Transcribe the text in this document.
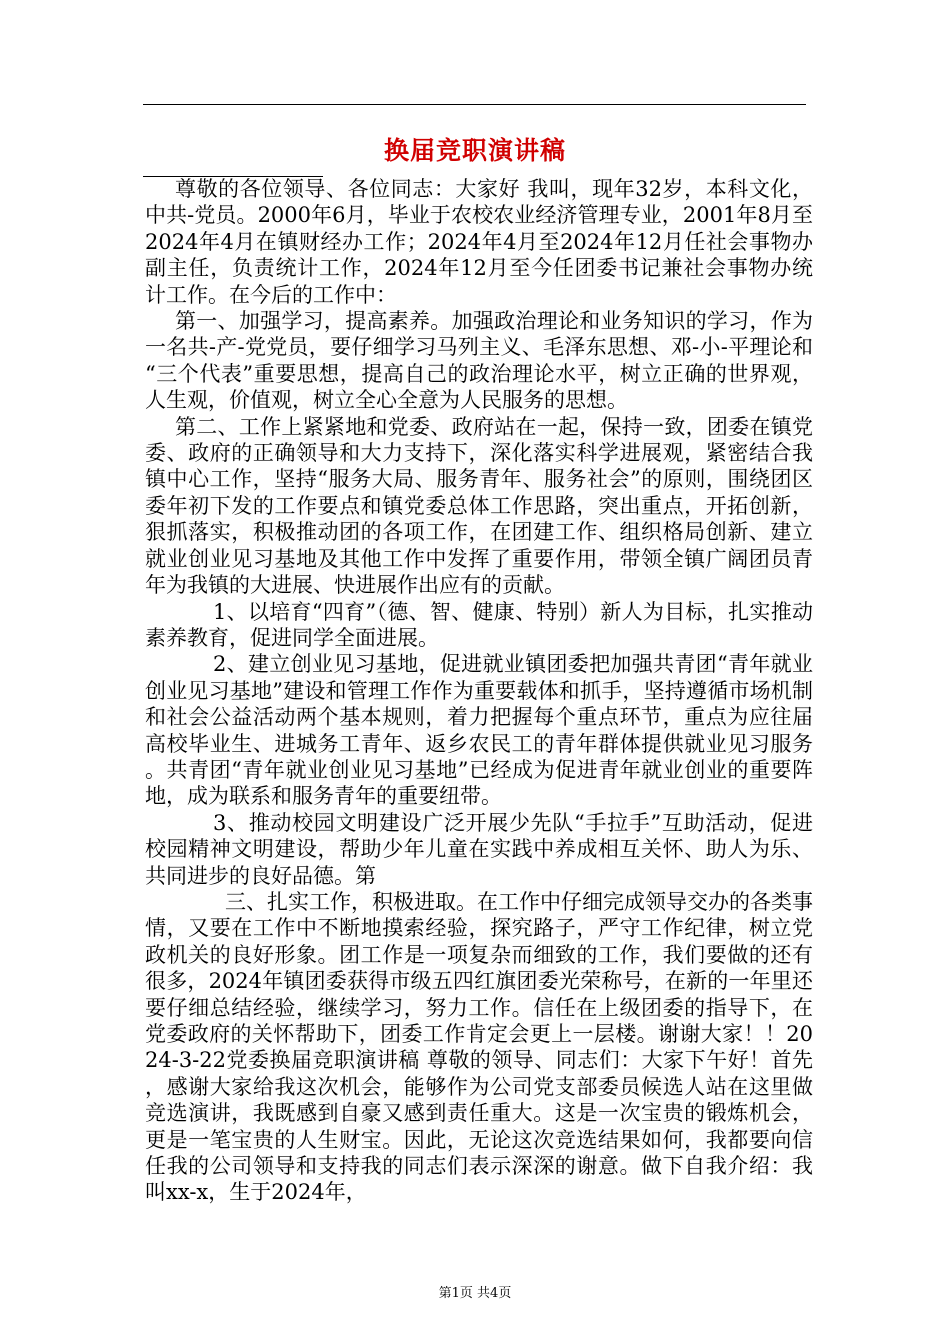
换届竞职演讲稿

尊敬的各位领导、各位同志：大家好 我叫，现年32岁，本科文化，中共-党员。2000年6月，毕业于农校农业经济管理专业，2001年8月至2024年4月在镇财经办工作；2024年4月至2024年12月任社会事物办副主任，负责统计工作，2024年12月至今任团委书记兼社会事物办统计工作。在今后的工作中：

第一、加强学习，提高素养。加强政治理论和业务知识的学习，作为一名共-产-党党员，要仔细学习马列主义、毛泽东思想、邓-小-平理论和“三个代表”重要思想，提高自己的政治理论水平，树立正确的世界观，人生观，价值观，树立全心全意为人民服务的思想。

第二、工作上紧紧地和党委、政府站在一起，保持一致，团委在镇党委、政府的正确领导和大力支持下，深化落实科学进展观，紧密结合我镇中心工作，坚持“服务大局、服务青年、服务社会”的原则，围绕团区委年初下发的工作要点和镇党委总体工作思路，突出重点，开拓创新，狠抓落实，积极推动团的各项工作，在团建工作、组织格局创新、建立就业创业见习基地及其他工作中发挥了重要作用，带领全镇广阔团员青年为我镇的大进展、快进展作出应有的贡献。

1、以培育“四育”（德、智、健康、特别）新人为目标，扎实推动素养教育，促进同学全面进展。

2、建立创业见习基地，促进就业镇团委把加强共青团“青年就业创业见习基地”建设和管理工作作为重要载体和抓手，坚持遵循市场机制和社会公益活动两个基本规则，着力把握每个重点环节，重点为应往届高校毕业生、进城务工青年、返乡农民工的青年群体提供就业见习服务。共青团“青年就业创业见习基地”已经成为促进青年就业创业的重要阵地，成为联系和服务青年的重要纽带。

3、推动校园文明建设广泛开展少先队“手拉手”互助活动，促进校园精神文明建设，帮助少年儿童在实践中养成相互关怀、助人为乐、共同进步的良好品德。第

三、扎实工作，积极进取。在工作中仔细完成领导交办的各类事情，又要在工作中不断地摸索经验，探究路子，严守工作纪律，树立党政机关的良好形象。团工作是一项复杂而细致的工作，我们要做的还有很多，2024年镇团委获得市级五四红旗团委光荣称号，在新的一年里还要仔细总结经验，继续学习，努力工作。信任在上级团委的指导下，在党委政府的关怀帮助下，团委工作肯定会更上一层楼。谢谢大家！！2024-3-22党委换届竞职演讲稿 尊敬的领导、同志们：大家下午好！首先，感谢大家给我这次机会，能够作为公司党支部委员候选人站在这里做竞选演讲，我既感到自豪又感到责任重大。这是一次宝贵的锻炼机会，更是一笔宝贵的人生财宝。因此，无论这次竞选结果如何，我都要向信任我的公司领导和支持我的同志们表示深深的谢意。做下自我介绍：我叫xx-x，生于2024年，

第1页 共4页
